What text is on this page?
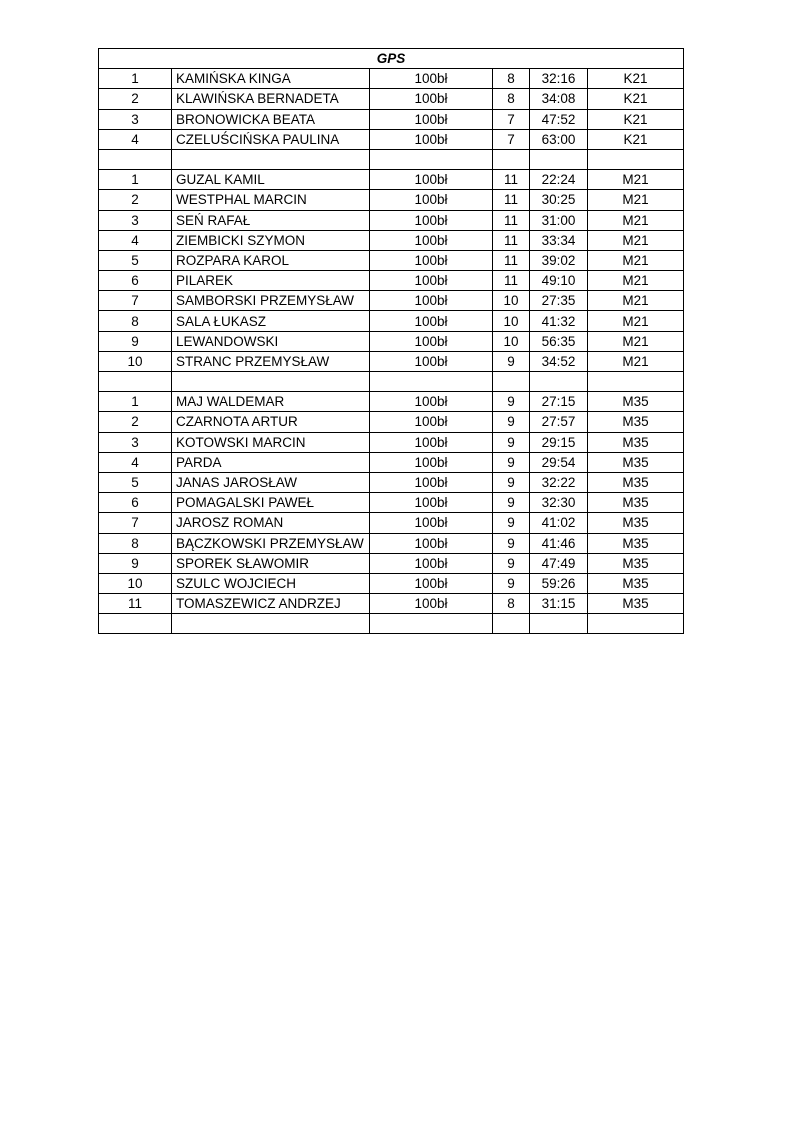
GPS					
1	KAMIŃSKA KINGA	100bł	8	32:16	K21
2	KLAWIŃSKA BERNADETA	100bł	8	34:08	K21
3	BRONOWICKA BEATA	100bł	7	47:52	K21
4	CZELUŚCIŃSKA PAULINA	100bł	7	63:00	K21

1	GUZAL KAMIL	100bł	11	22:24	M21
2	WESTPHAL MARCIN	100bł	11	30:25	M21
3	SEŃ RAFAŁ	100bł	11	31:00	M21
4	ZIEMBICKI SZYMON	100bł	11	33:34	M21
5	ROZPARA KAROL	100bł	11	39:02	M21
6	PILAREK	100bł	11	49:10	M21
7	SAMBORSKI PRZEMYSŁAW	100bł	10	27:35	M21
8	SALA ŁUKASZ	100bł	10	41:32	M21
9	LEWANDOWSKI	100bł	10	56:35	M21
10	STRANC PRZEMYSŁAW	100bł	9	34:52	M21

1	MAJ WALDEMAR	100bł	9	27:15	M35
2	CZARNOTA ARTUR	100bł	9	27:57	M35
3	KOTOWSKI MARCIN	100bł	9	29:15	M35
4	PARDA	100bł	9	29:54	M35
5	JANAS JAROSŁAW	100bł	9	32:22	M35
6	POMAGALSKI PAWEŁ	100bł	9	32:30	M35
7	JAROSZ ROMAN	100bł	9	41:02	M35
8	BĄCZKOWSKI PRZEMYSŁAW	100bł	9	41:46	M35
9	SPOREK SŁAWOMIR	100bł	9	47:49	M35
10	SZULC WOJCIECH	100bł	9	59:26	M35
11	TOMASZEWICZ ANDRZEJ	100bł	8	31:15	M35
